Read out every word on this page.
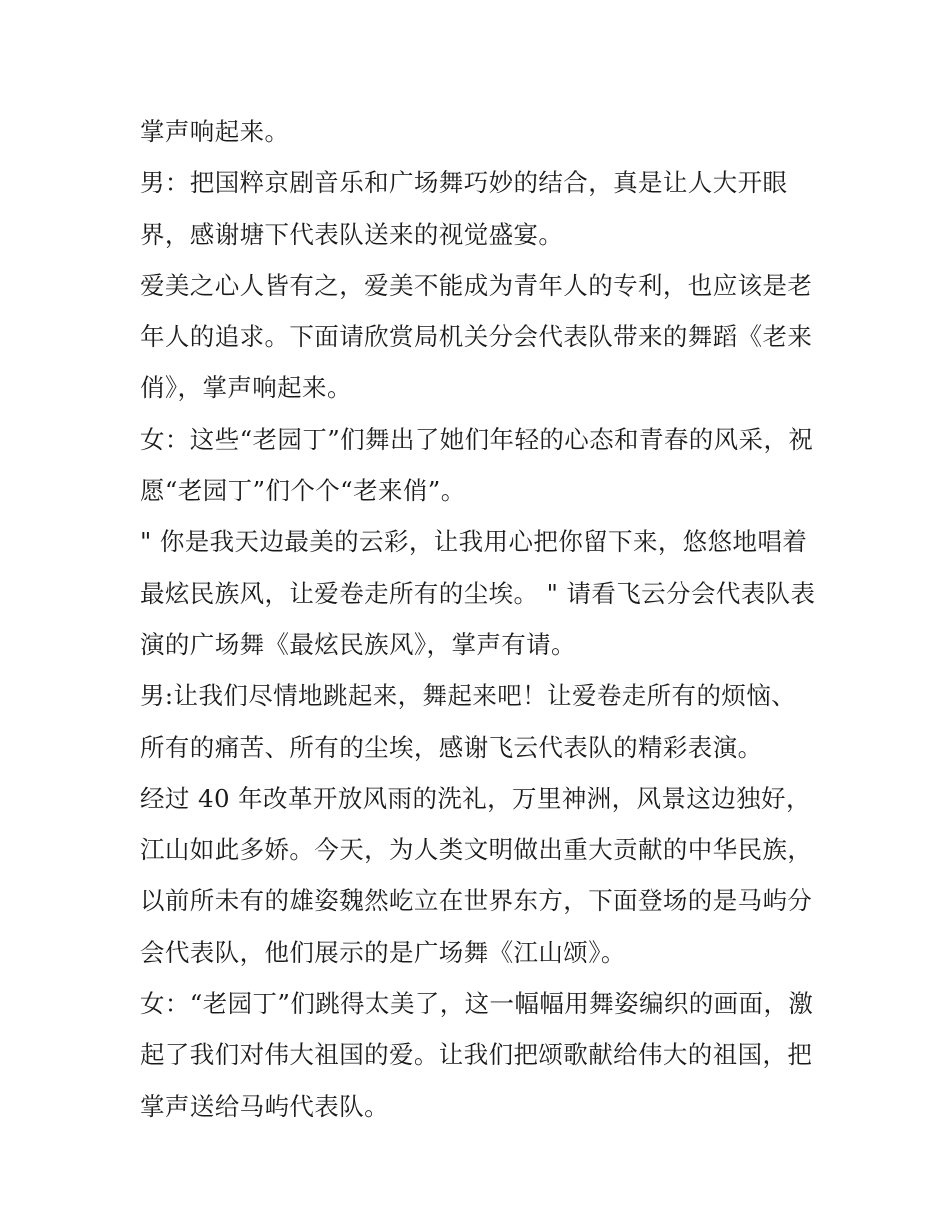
掌声响起来。
男：把国粹京剧音乐和广场舞巧妙的结合，真是让人大开眼
界，感谢塘下代表队送来的视觉盛宴。
爱美之心人皆有之，爱美不能成为青年人的专利，也应该是老
年人的追求。下面请欣赏局机关分会代表队带来的舞蹈《老来
俏》，掌声响起来。
女：这些“老园丁”们舞出了她们年轻的心态和青春的风采，祝
愿“老园丁”们个个“老来俏”。
" 你是我天边最美的云彩，让我用心把你留下来，悠悠地唱着
最炫民族风，让爱卷走所有的尘埃。 " 请看飞云分会代表队表
演的广场舞《最炫民族风》，掌声有请。
男:让我们尽情地跳起来，舞起来吧！让爱卷走所有的烦恼、
所有的痛苦、所有的尘埃，感谢飞云代表队的精彩表演。
经过 40 年改革开放风雨的洗礼，万里神洲，风景这边独好，
江山如此多娇。今天，为人类文明做出重大贡献的中华民族，
以前所未有的雄姿魏然屹立在世界东方，下面登场的是马屿分
会代表队，他们展示的是广场舞《江山颂》。
女：“老园丁”们跳得太美了，这一幅幅用舞姿编织的画面，激
起了我们对伟大祖国的爱。让我们把颂歌献给伟大的祖国，把
掌声送给马屿代表队。
